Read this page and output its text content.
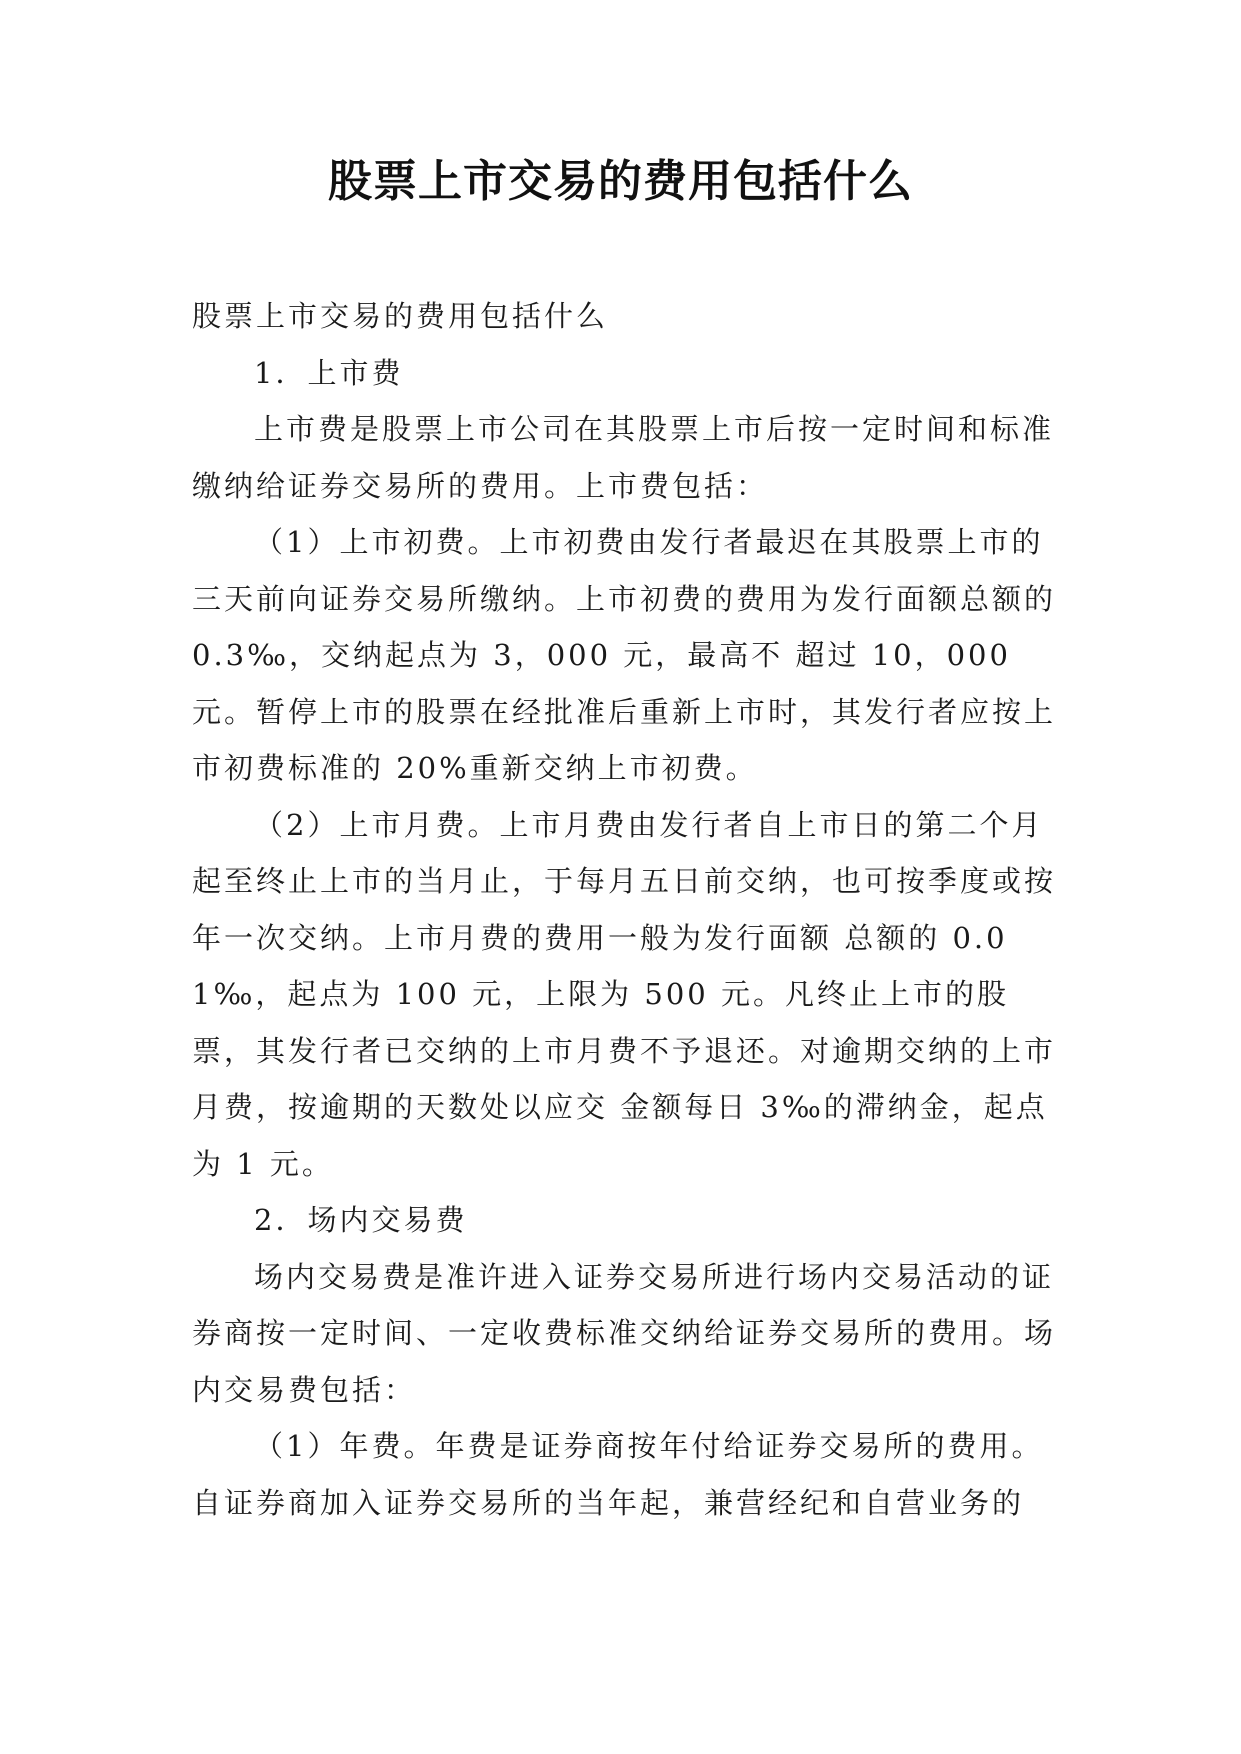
股票上市交易的费用包括什么

股票上市交易的费用包括什么

1．上市费

上市费是股票上市公司在其股票上市后按一定时间和标准缴纳给证券交易所的费用。上市费包括：

（1）上市初费。上市初费由发行者最迟在其股票上市的三天前向证券交易所缴纳。上市初费的费用为发行面额总额的 0.3‰，交纳起点为 3，000 元，最高不 超过 10，000 元。暂停上市的股票在经批准后重新上市时，其发行者应按上市初费标准的 20%重新交纳上市初费。

（2）上市月费。上市月费由发行者自上市日的第二个月起至终止上市的当月止，于每月五日前交纳，也可按季度或按年一次交纳。上市月费的费用一般为发行面额 总额的 0.01‰，起点为 100 元，上限为 500 元。凡终止上市的股票，其发行者已交纳的上市月费不予退还。对逾期交纳的上市月费，按逾期的天数处以应交 金额每日 3‰的滞纳金，起点为 1 元。

2．场内交易费

场内交易费是准许进入证券交易所进行场内交易活动的证券商按一定时间、一定收费标准交纳给证券交易所的费用。场内交易费包括：

（1）年费。年费是证券商按年付给证券交易所的费用。自证券商加入证券交易所的当年起，兼营经纪和自营业务的
